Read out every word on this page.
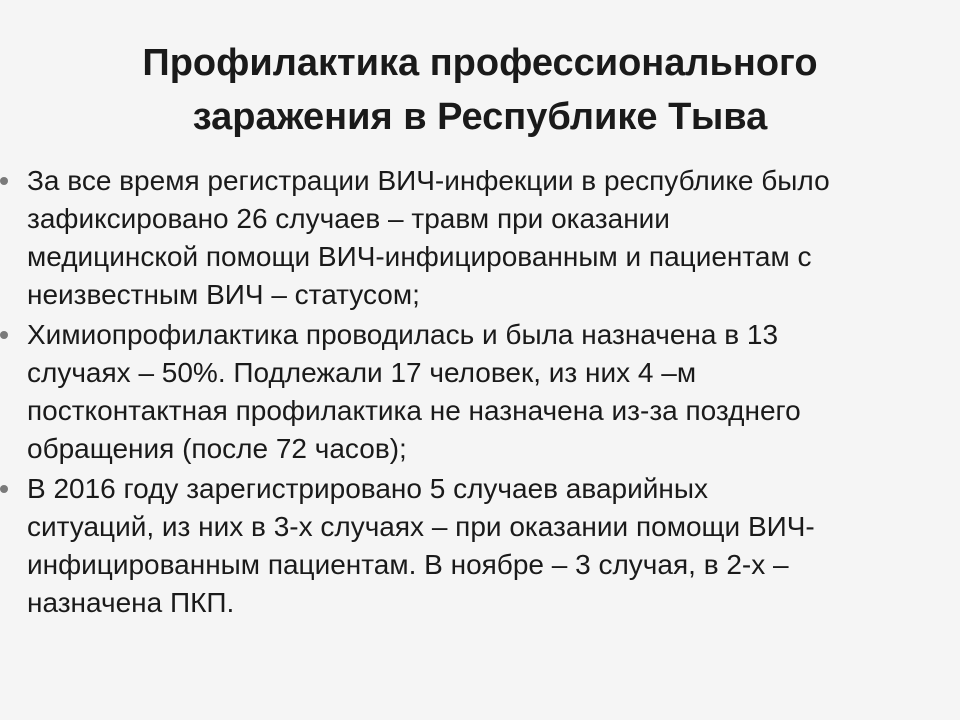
Профилактика профессионального
заражения в Республике Тыва
За все время регистрации ВИЧ-инфекции в республике было
зафиксировано 26 случаев – травм при оказании
медицинской помощи ВИЧ-инфицированным и пациентам с
неизвестным ВИЧ – статусом;
Химиопрофилактика проводилась и была назначена в 13
случаях – 50%. Подлежали 17 человек, из них 4 –м
постконтактная профилактика не назначена из-за позднего
обращения (после 72 часов);
В 2016 году зарегистрировано 5 случаев аварийных
ситуаций, из них в 3-х случаях – при оказании помощи ВИЧ-
инфицированным пациентам. В ноябре – 3 случая, в 2-х –
назначена ПКП.
